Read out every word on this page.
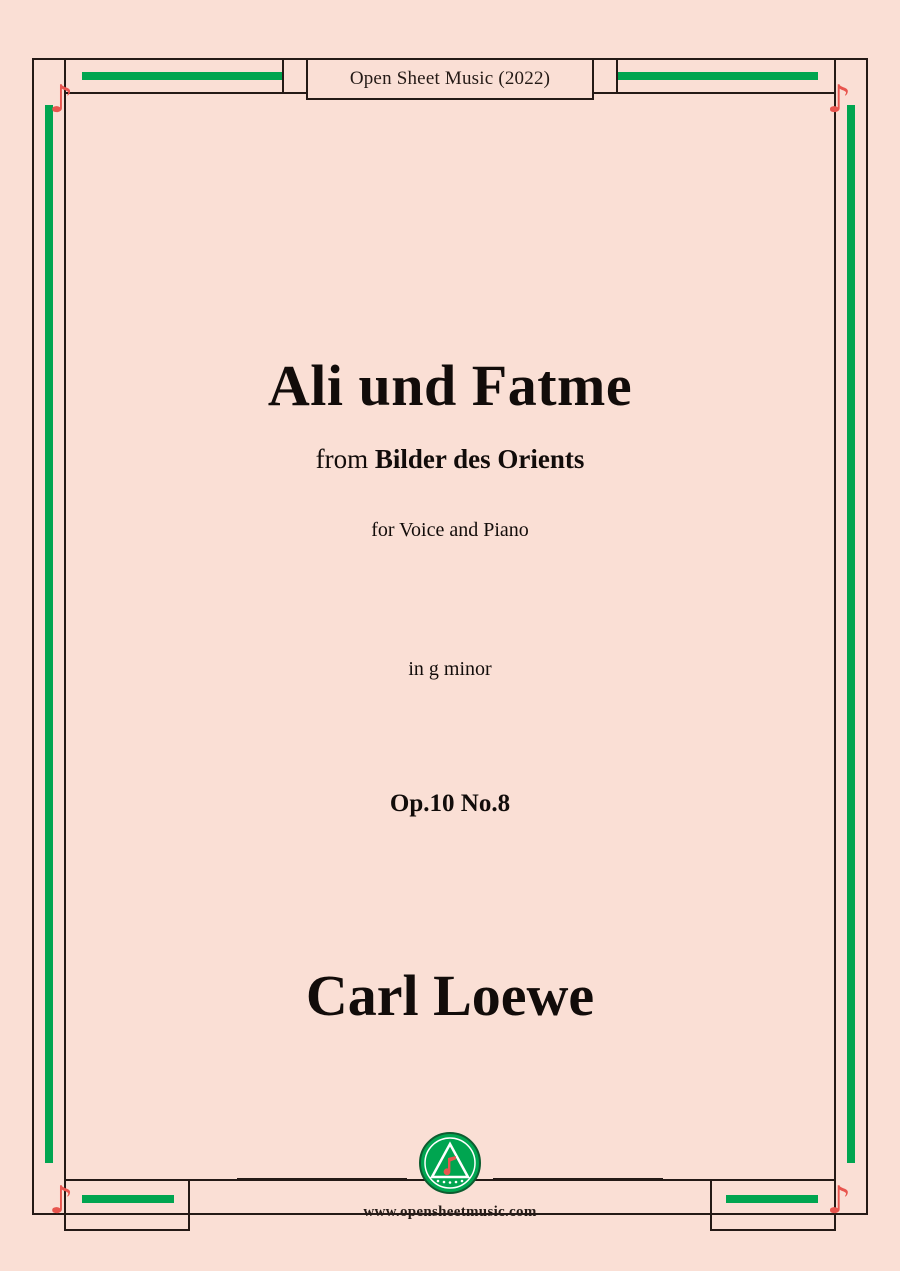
Open Sheet Music (2022)
♪	♪
♪	♪
Ali und Fatme
from Bilder des Orients
for Voice and Piano
in g minor
Op.10 No.8
Carl Loewe
www.opensheetmusic.com
